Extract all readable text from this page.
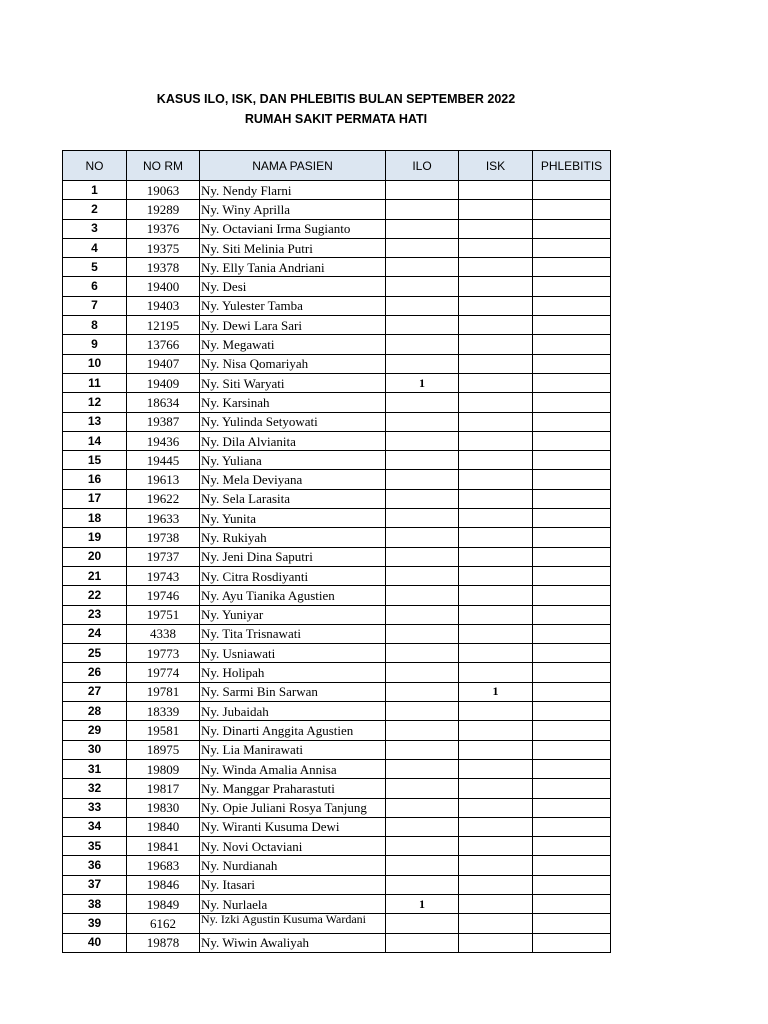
KASUS ILO, ISK, DAN PHLEBITIS BULAN SEPTEMBER 2022
RUMAH SAKIT PERMATA HATI
NO	NO RM	NAMA PASIEN	ILO	ISK	PHLEBITIS
1	19063	Ny. Nendy Flarni			
2	19289	Ny. Winy Aprilla			
3	19376	Ny. Octaviani Irma Sugianto			
4	19375	Ny. Siti Melinia Putri			
5	19378	Ny. Elly Tania Andriani			
6	19400	Ny. Desi			
7	19403	Ny. Yulester Tamba			
8	12195	Ny. Dewi Lara Sari			
9	13766	Ny. Megawati			
10	19407	Ny. Nisa Qomariyah			
11	19409	Ny. Siti Waryati	1		
12	18634	Ny. Karsinah			
13	19387	Ny. Yulinda Setyowati			
14	19436	Ny. Dila Alvianita			
15	19445	Ny. Yuliana			
16	19613	Ny. Mela Deviyana			
17	19622	Ny. Sela Larasita			
18	19633	Ny. Yunita			
19	19738	Ny. Rukiyah			
20	19737	Ny. Jeni Dina Saputri			
21	19743	Ny. Citra Rosdiyanti			
22	19746	Ny. Ayu Tianika Agustien			
23	19751	Ny. Yuniyar			
24	4338	Ny. Tita Trisnawati			
25	19773	Ny. Usniawati			
26	19774	Ny. Holipah			
27	19781	Ny. Sarmi Bin Sarwan		1	
28	18339	Ny. Jubaidah			
29	19581	Ny. Dinarti Anggita Agustien			
30	18975	Ny. Lia Manirawati			
31	19809	Ny. Winda Amalia Annisa			
32	19817	Ny. Manggar Praharastuti			
33	19830	Ny. Opie Juliani Rosya Tanjung			
34	19840	Ny. Wiranti Kusuma Dewi			
35	19841	Ny. Novi Octaviani			
36	19683	Ny. Nurdianah			
37	19846	Ny. Itasari			
38	19849	Ny. Nurlaela	1		
39	6162	Ny. Izki Agustin Kusuma Wardani			
40	19878	Ny. Wiwin Awaliyah			
